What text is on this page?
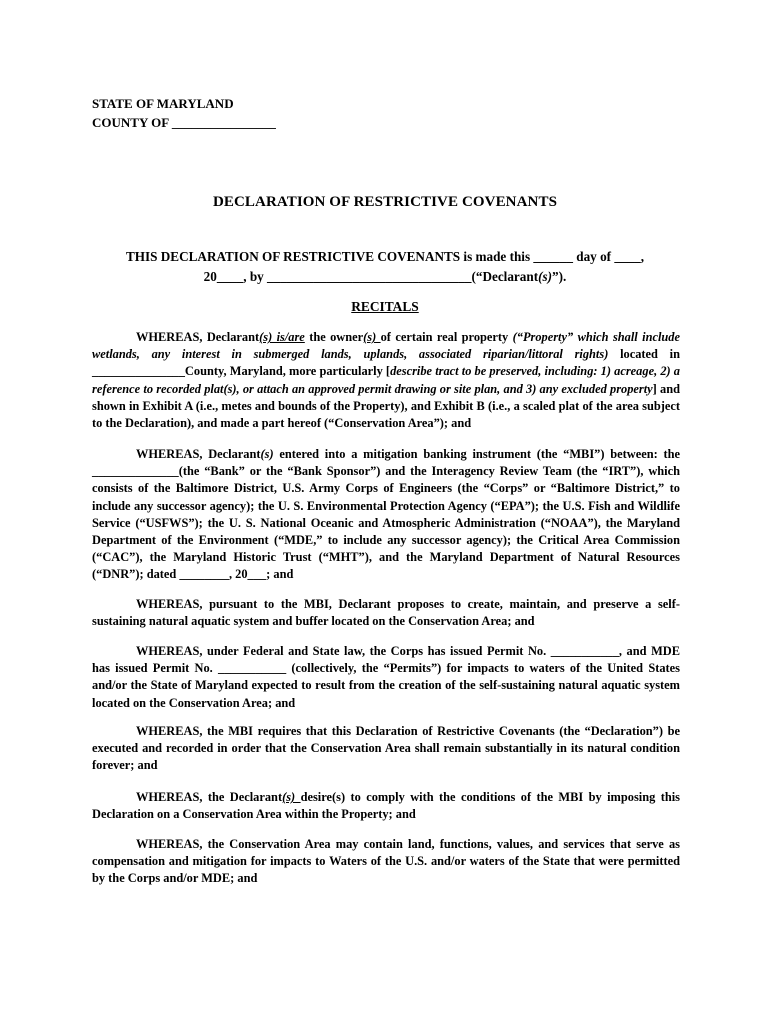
STATE OF MARYLAND
COUNTY OF ________________
DECLARATION OF RESTRICTIVE COVENANTS
THIS DECLARATION OF RESTRICTIVE COVENANTS is made this ______ day of ____,
20____, by _______________________________(“Declarant(s)”).
RECITALS
WHEREAS, Declarant(s) is/are the owner(s) of certain real property (“Property” which shall include wetlands, any interest in submerged lands, uplands, associated riparian/littoral rights) located in _______________County, Maryland, more particularly [describe tract to be preserved, including: 1) acreage, 2) a reference to recorded plat(s), or attach an approved permit drawing or site plan, and 3) any excluded property] and shown in Exhibit A (i.e., metes and bounds of the Property), and Exhibit B (i.e., a scaled plat of the area subject to the Declaration), and made a part hereof (“Conservation Area”); and
WHEREAS, Declarant(s) entered into a mitigation banking instrument (the “MBI”) between: the ______________(the “Bank” or the “Bank Sponsor”) and the Interagency Review Team (the “IRT”), which consists of the Baltimore District, U.S. Army Corps of Engineers (the “Corps” or “Baltimore District,” to include any successor agency); the U. S. Environmental Protection Agency (“EPA”); the U.S. Fish and Wildlife Service (“USFWS”); the U. S. National Oceanic and Atmospheric Administration (“NOAA”), the Maryland Department of the Environment (“MDE,” to include any successor agency); the Critical Area Commission (“CAC”), the Maryland Historic Trust (“MHT”), and the Maryland Department of Natural Resources (“DNR”); dated ________, 20___; and
WHEREAS, pursuant to the MBI, Declarant proposes to create, maintain, and preserve a self-sustaining natural aquatic system and buffer located on the Conservation Area; and
WHEREAS, under Federal and State law, the Corps has issued Permit No. ___________, and MDE has issued Permit No. ___________ (collectively, the “Permits”) for impacts to waters of the United States and/or the State of Maryland expected to result from the creation of the self-sustaining natural aquatic system located on the Conservation Area; and
WHEREAS, the MBI requires that this Declaration of Restrictive Covenants (the “Declaration”) be executed and recorded in order that the Conservation Area shall remain substantially in its natural condition forever; and
WHEREAS, the Declarant(s) desire(s) to comply with the conditions of the MBI by imposing this Declaration on a Conservation Area within the Property; and
WHEREAS, the Conservation Area may contain land, functions, values, and services that serve as compensation and mitigation for impacts to Waters of the U.S. and/or waters of the State that were permitted by the Corps and/or MDE; and
